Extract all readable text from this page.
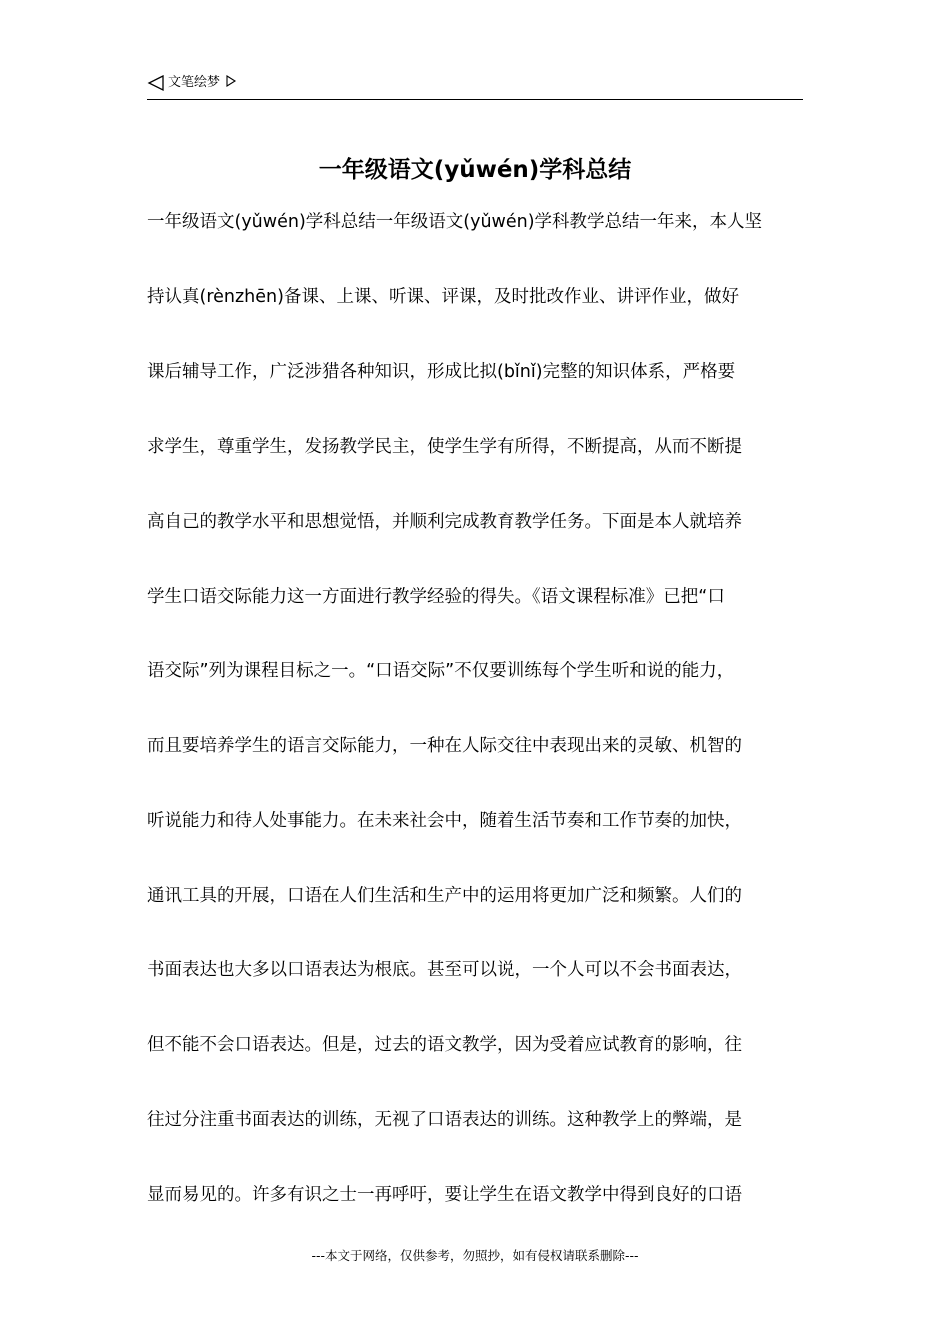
文笔绘梦
一年级语文(yǔwén)学科总结
一年级语文(yǔwén)学科总结一年级语文(yǔwén)学科教学总结一年来，本人坚
持认真(rènzhēn)备课、上课、听课、评课，及时批改作业、讲评作业，做好
课后辅导工作，广泛涉猎各种知识，形成比拟(bǐnǐ)完整的知识体系，严格要
求学生，尊重学生，发扬教学民主，使学生学有所得，不断提高，从而不断提
高自己的教学水平和思想觉悟，并顺利完成教育教学任务。下面是本人就培养
学生口语交际能力这一方面进行教学经验的得失。《语文课程标准》已把“口
语交际”列为课程目标之一。“口语交际”不仅要训练每个学生听和说的能力，
而且要培养学生的语言交际能力，一种在人际交往中表现出来的灵敏、机智的
听说能力和待人处事能力。在未来社会中，随着生活节奏和工作节奏的加快，
通讯工具的开展，口语在人们生活和生产中的运用将更加广泛和频繁。人们的
书面表达也大多以口语表达为根底。甚至可以说，一个人可以不会书面表达，
但不能不会口语表达。但是，过去的语文教学，因为受着应试教育的影响，往
往过分注重书面表达的训练，无视了口语表达的训练。这种教学上的弊端，是
显而易见的。许多有识之士一再呼吁，要让学生在语文教学中得到良好的口语
---本文于网络，仅供参考，勿照抄，如有侵权请联系删除---
